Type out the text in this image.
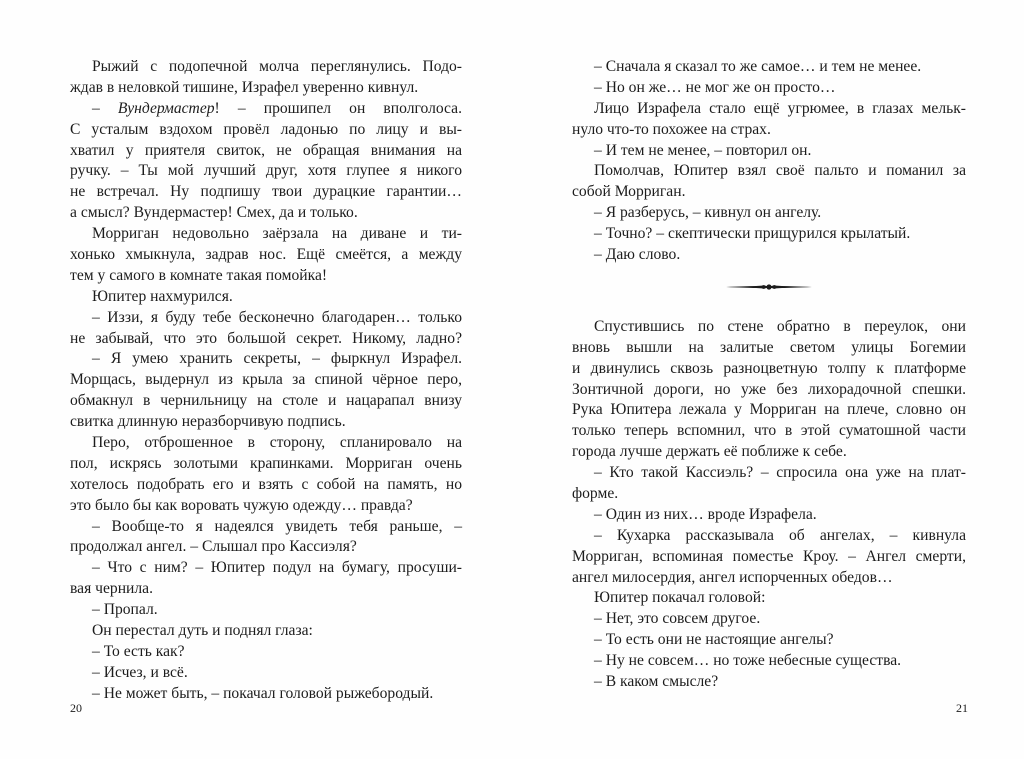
Рыжий с подопечной молча переглянулись. Подо-
ждав в неловкой тишине, Израфел уверенно кивнул.
– Вундермастер! – прошипел он вполголоса.
С усталым вздохом провёл ладонью по лицу и вы-
хватил у приятеля свиток, не обращая внимания на
ручку. – Ты мой лучший друг, хотя глупее я никого
не встречал. Ну подпишу твои дурацкие гарантии…
а смысл? Вундермастер! Смех, да и только.
Морриган недовольно заёрзала на диване и ти-
хонько хмыкнула, задрав нос. Ещё смеётся, а между
тем у самого в комнате такая помойка!
Юпитер нахмурился.
– Иззи, я буду тебе бесконечно благодарен… только
не забывай, что это большой секрет. Никому, ладно?
– Я умею хранить секреты, – фыркнул Израфел.
Морщась, выдернул из крыла за спиной чёрное перо,
обмакнул в чернильницу на столе и нацарапал внизу
свитка длинную неразборчивую подпись.
Перо, отброшенное в сторону, спланировало на
пол, искрясь золотыми крапинками. Морриган очень
хотелось подобрать его и взять с собой на память, но
это было бы как воровать чужую одежду… правда?
– Вообще-то я надеялся увидеть тебя раньше, –
продолжал ангел. – Слышал про Кассиэля?
– Что с ним? – Юпитер подул на бумагу, просуши-
вая чернила.
– Пропал.
Он перестал дуть и поднял глаза:
– То есть как?
– Исчез, и всё.
– Не может быть, – покачал головой рыжебородый.
20
– Сначала я сказал то же самое… и тем не менее.
– Но он же… не мог же он просто…
Лицо Израфела стало ещё угрюмее, в глазах мельк-
нуло что-то похожее на страх.
– И тем не менее, – повторил он.
Помолчав, Юпитер взял своё пальто и поманил за
собой Морриган.
– Я разберусь, – кивнул он ангелу.
– Точно? – скептически прищурился крылатый.
– Даю слово.
Спустившись по стене обратно в переулок, они
вновь вышли на залитые светом улицы Богемии
и двинулись сквозь разноцветную толпу к платформе
Зонтичной дороги, но уже без лихорадочной спешки.
Рука Юпитера лежала у Морриган на плече, словно он
только теперь вспомнил, что в этой суматошной части
города лучше держать её поближе к себе.
– Кто такой Кассиэль? – спросила она уже на плат-
форме.
– Один из них… вроде Израфела.
– Кухарка рассказывала об ангелах, – кивнула
Морриган, вспоминая поместье Кроу. – Ангел смерти,
ангел милосердия, ангел испорченных обедов…
Юпитер покачал головой:
– Нет, это совсем другое.
– То есть они не настоящие ангелы?
– Ну не совсем… но тоже небесные существа.
– В каком смысле?
21
